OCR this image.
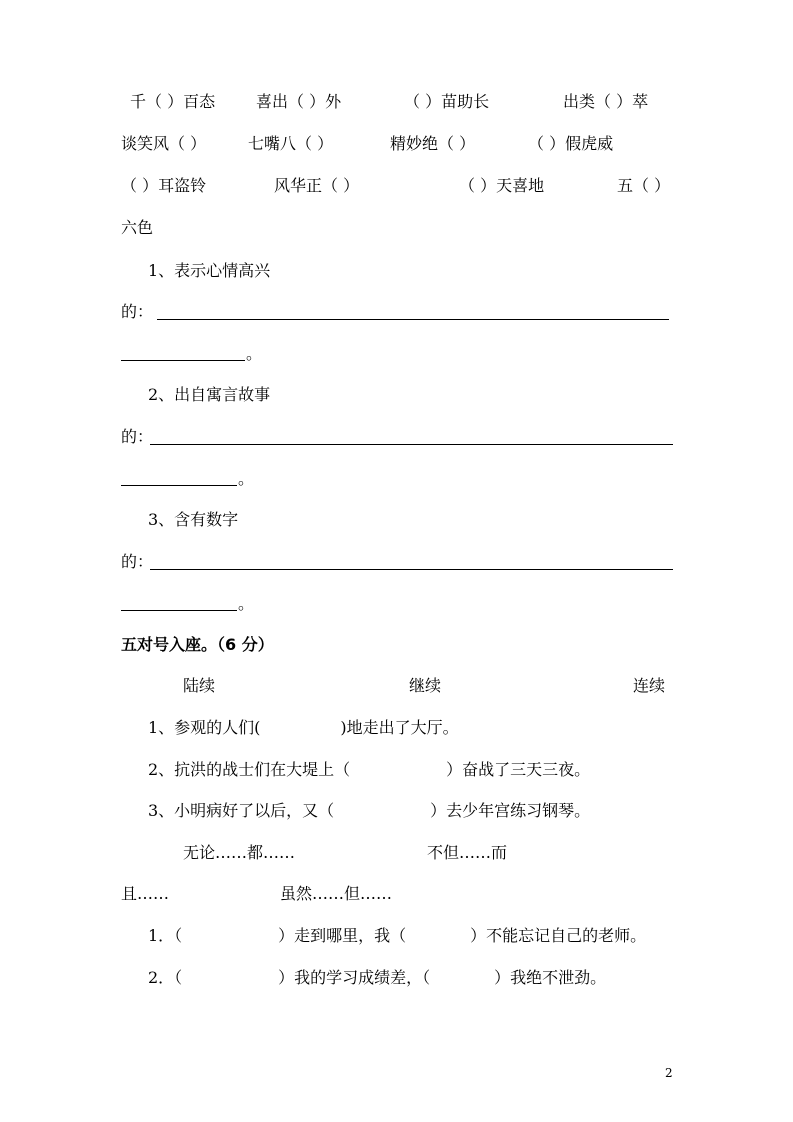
千（ ）百态	喜出（ ）外	（ ）苗助长	出类（ ）萃
谈笑风（ ）	七嘴八（ ）	精妙绝（ ）	（ ）假虎威
（ ）耳盗铃	风华正（ ）	（ ）天喜地	五（ ）
六色
1、表示心情高兴
的：
。
2、出自寓言故事
的：
。
3、含有数字
的：
。
五对号入座。（6 分）
陆续	继续	连续
1、参观的人们(　　　　　)地走出了大厅。
2、抗洪的战士们在大堤上（　　　　　　）奋战了三天三夜。
3、小明病好了以后，又（　　　　　　）去少年宫练习钢琴。
无论……都……	不但……而
且……	虽然……但……
1．（　　　　　　）走到哪里，我（　　　　）不能忘记自己的老师。
2．（　　　　　　）我的学习成绩差，（　　　　）我绝不泄劲。
2
